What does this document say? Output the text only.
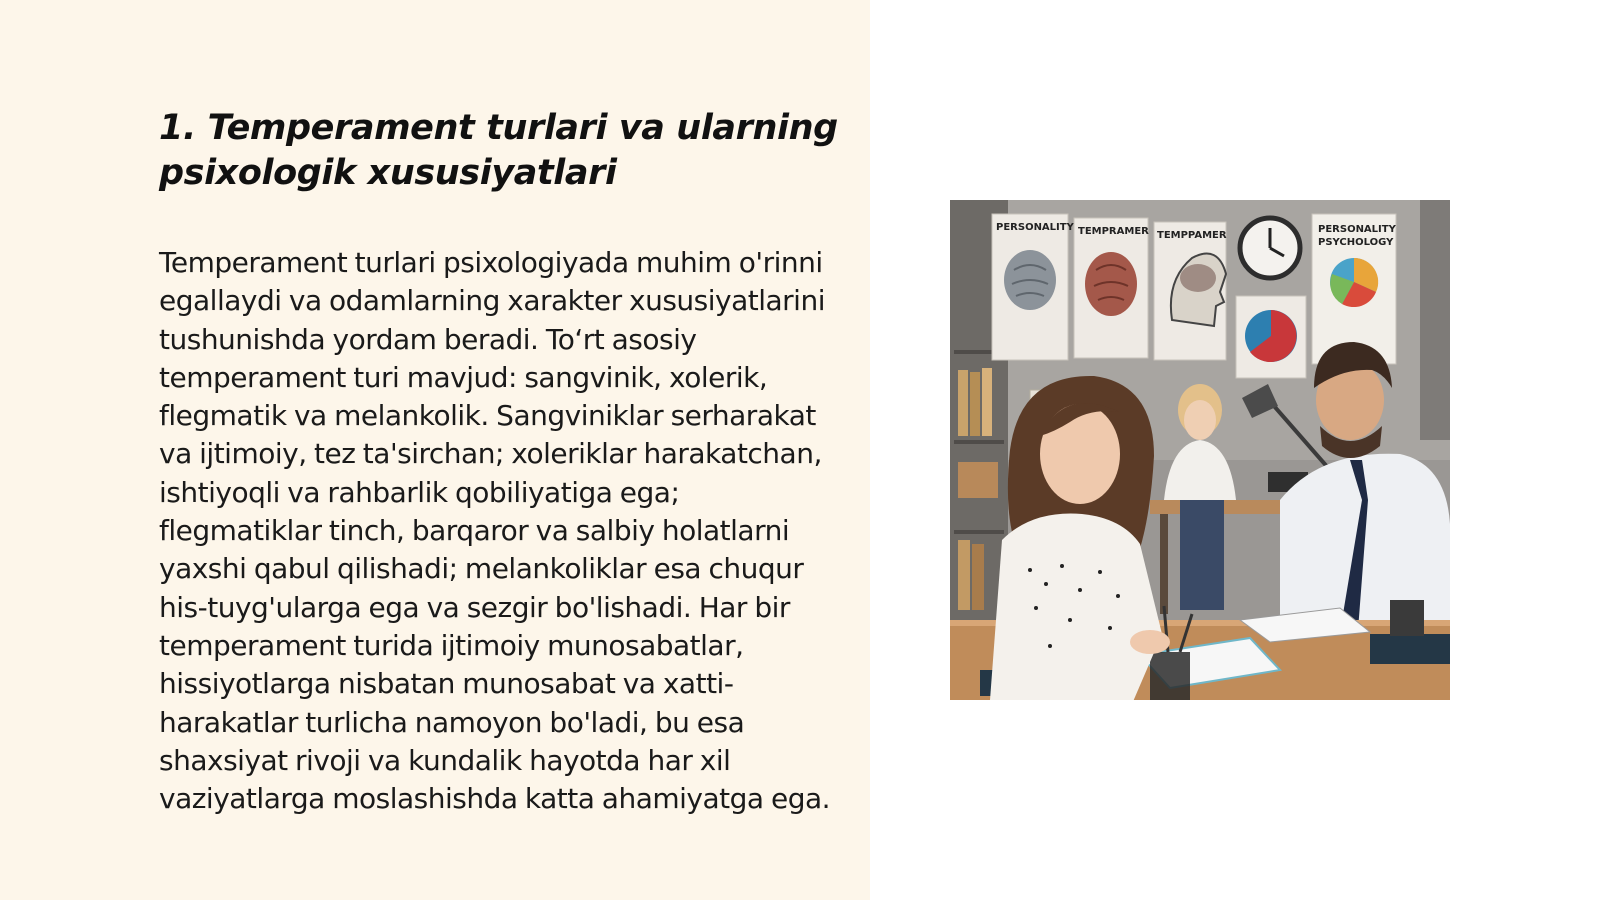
1. Temperament turlari va ularning psixologik xususiyatlari

Temperament turlari psixologiyada muhim o'rinni egallaydi va odamlarning xarakter xususiyatlarini tushunishda yordam beradi. To‘rt asosiy temperament turi mavjud: sangvinik, xolerik, flegmatik va melankolik. Sangviniklar serharakat va ijtimoiy, tez ta'sirchan; xoleriklar harakatchan, ishtiyoqli va rahbarlik qobiliyatiga ega; flegmatiklar tinch, barqaror va salbiy holatlarni yaxshi qabul qilishadi; melankoliklar esa chuqur his-tuyg'ularga ega va sezgir bo'lishadi. Har bir temperament turida ijtimoiy munosabatlar, hissiyotlarga nisbatan munosabat va xatti-harakatlar turlicha namoyon bo'ladi, bu esa shaxsiyat rivoji va kundalik hayotda har xil vaziyatlarga moslashishda katta ahamiyatga ega.

PERSONALITY TEMPRAMER TEMPPAMER
PERSONALITY
PSYCHOLOGY
